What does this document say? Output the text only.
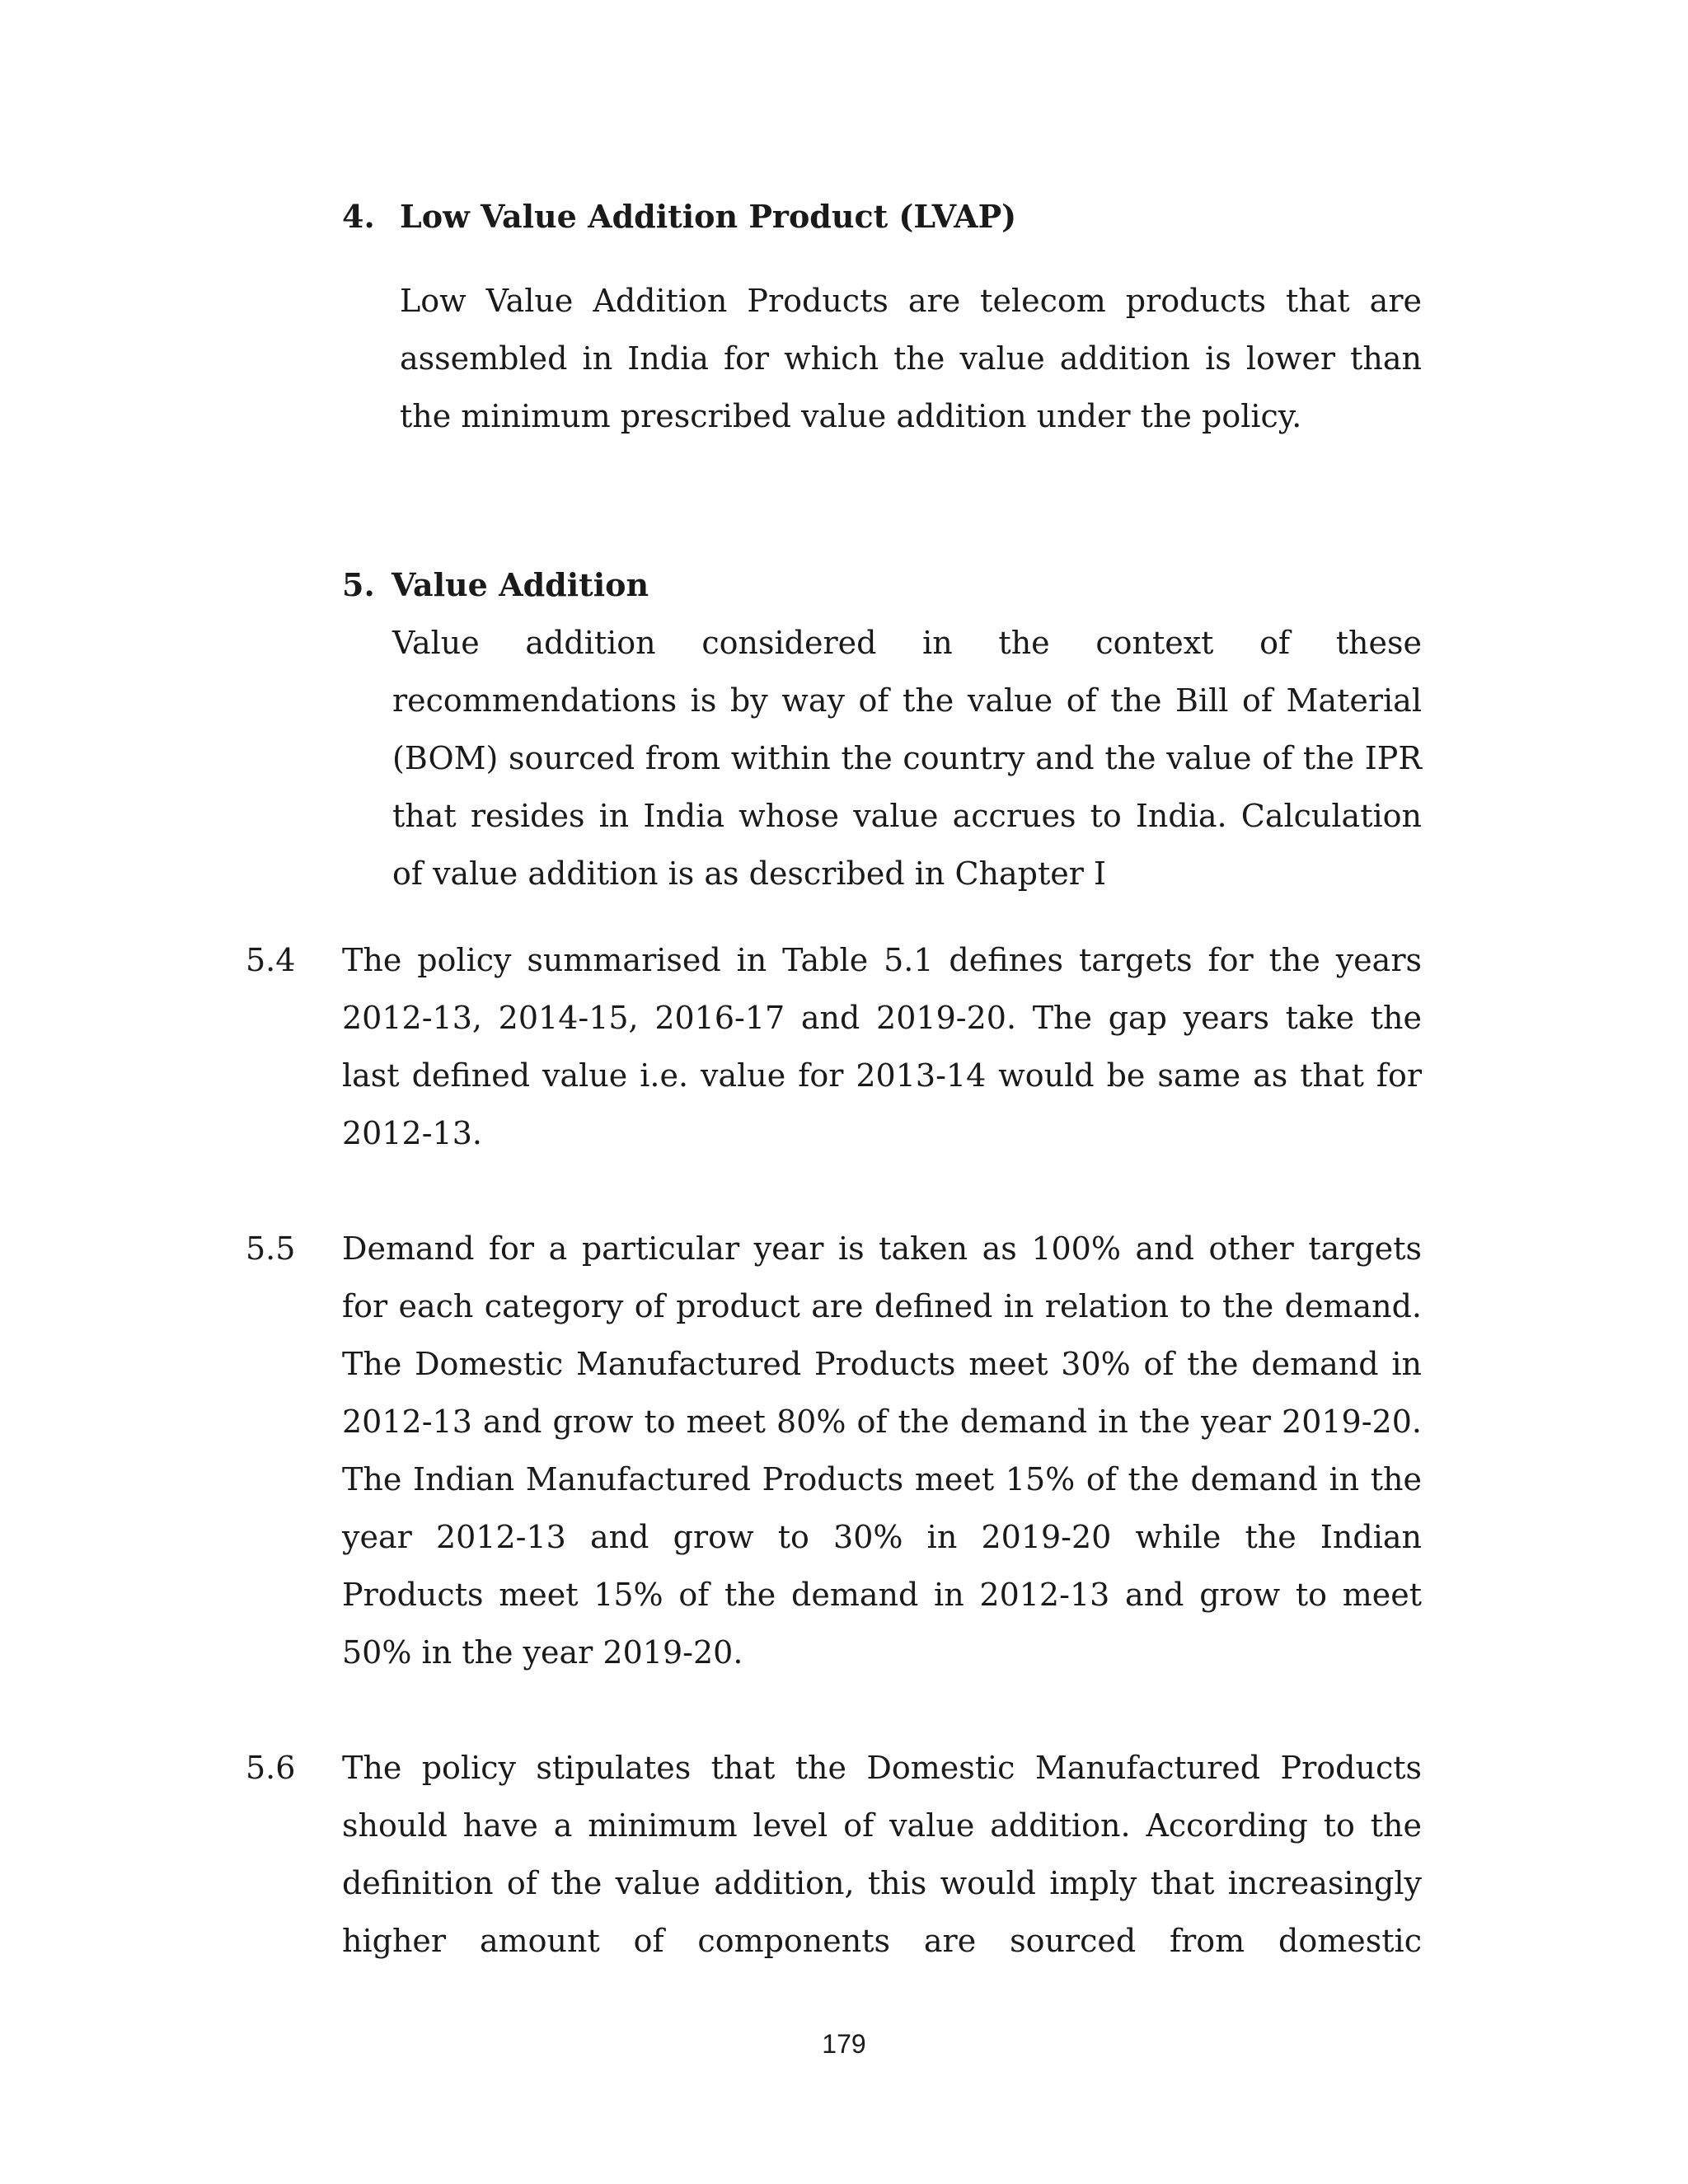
4. Low Value Addition Product (LVAP)

Low Value Addition Products are telecom products that are assembled in India for which the value addition is lower than the minimum prescribed value addition under the policy.

5. Value Addition

Value addition considered in the context of these recommendations is by way of the value of the Bill of Material (BOM) sourced from within the country and the value of the IPR that resides in India whose value accrues to India. Calculation of value addition is as described in Chapter I

5.4 The policy summarised in Table 5.1 defines targets for the years 2012-13, 2014-15, 2016-17 and 2019-20. The gap years take the last defined value i.e. value for 2013-14 would be same as that for 2012-13.

5.5 Demand for a particular year is taken as 100% and other targets for each category of product are defined in relation to the demand. The Domestic Manufactured Products meet 30% of the demand in 2012-13 and grow to meet 80% of the demand in the year 2019-20. The Indian Manufactured Products meet 15% of the demand in the year 2012-13 and grow to 30% in 2019-20 while the Indian Products meet 15% of the demand in 2012-13 and grow to meet 50% in the year 2019-20.

5.6 The policy stipulates that the Domestic Manufactured Products should have a minimum level of value addition. According to the definition of the value addition, this would imply that increasingly higher amount of components are sourced from domestic

179
